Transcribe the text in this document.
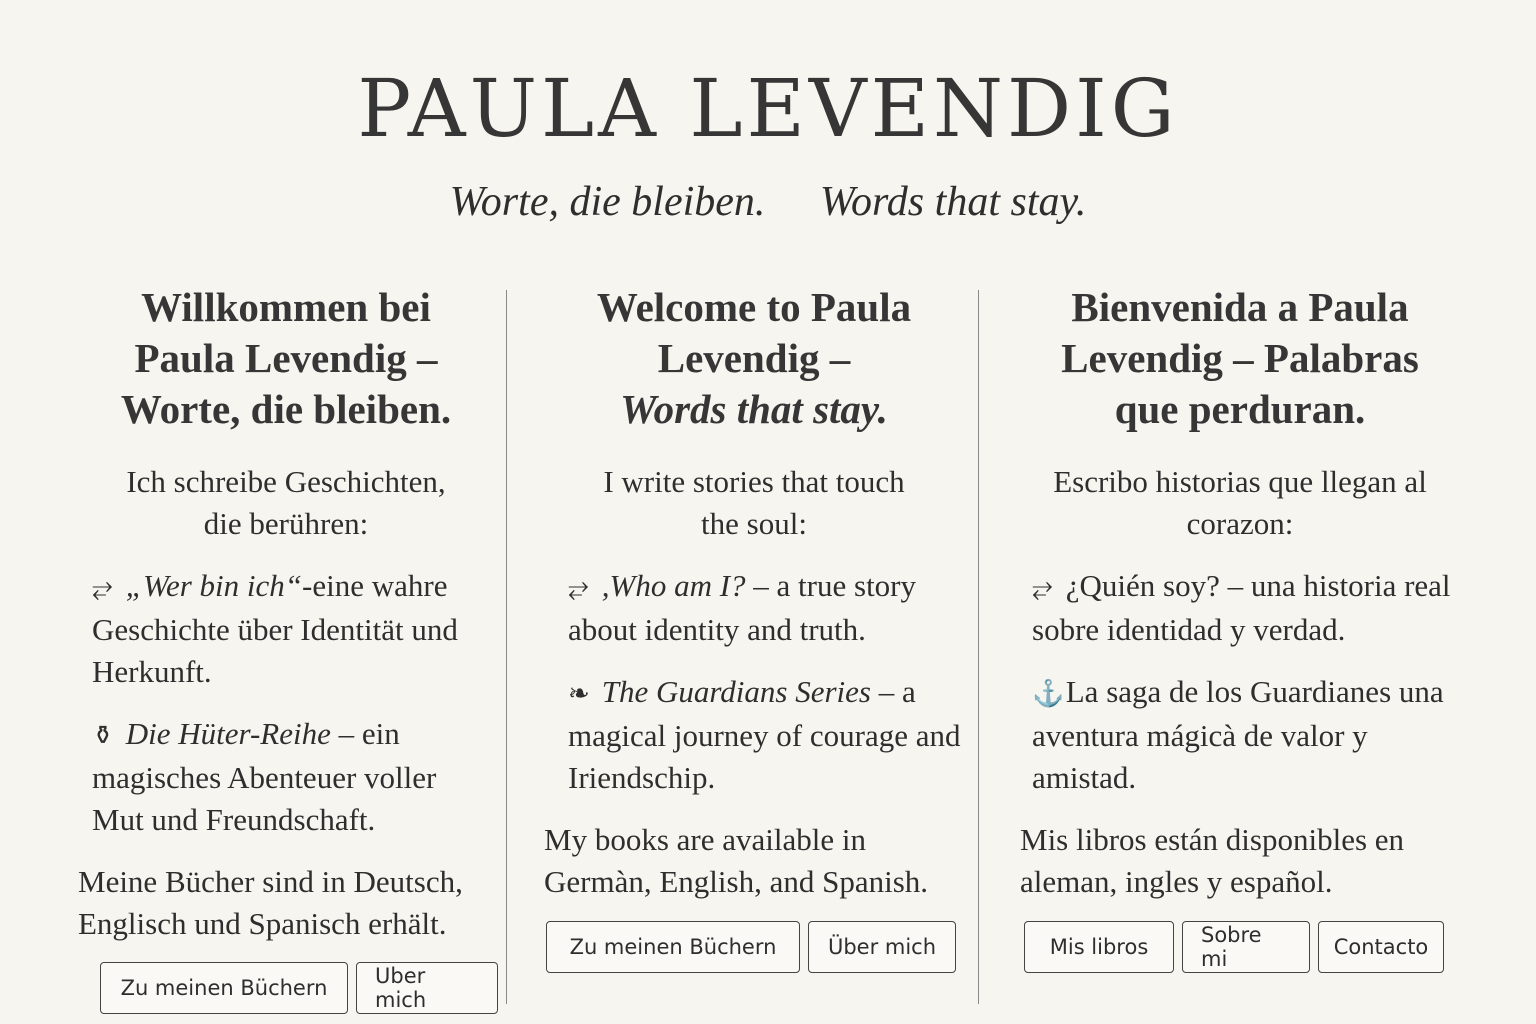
PAULA LEVENDIG
Worte, die bleiben. Words that stay.
Willkommen bei
Paula Levendig –
Worte, die bleiben.
Ich schreibe Geschichten,
die berühren:
⥂ „Wer bin ich“-eine wahre Geschichte über Identität und Herkunft.
⚱ Die Hüter-Reihe – ein magisches Abenteuer voller Mut und Freundschaft.
Meine Bücher sind in Deutsch, Englisch und Spanisch erhält.
Zu meinen Büchern	Uber mich
Welcome to Paula
Levendig –
Words that stay.
I write stories that touch
the soul:
⥂ ,Who am I? – a true story about identity and truth.
❧ The Guardians Series – a magical journey of courage and Iriendschip.
My books are available in Germàn, English, and Spanish.
Zu meinen Büchern	Über mich
Bienvenida a Paula
Levendig – Palabras
que perduran.
Escribo historias que llegan al
corazon:
⥂ ¿Quién soy? – una historia real sobre identidad y verdad.
⚓ La saga de los Guardianes una aventura mágicà de valor y amistad.
Mis libros están disponibles en aleman, ingles y español.
Mis libros	Sobre mi	Contacto
